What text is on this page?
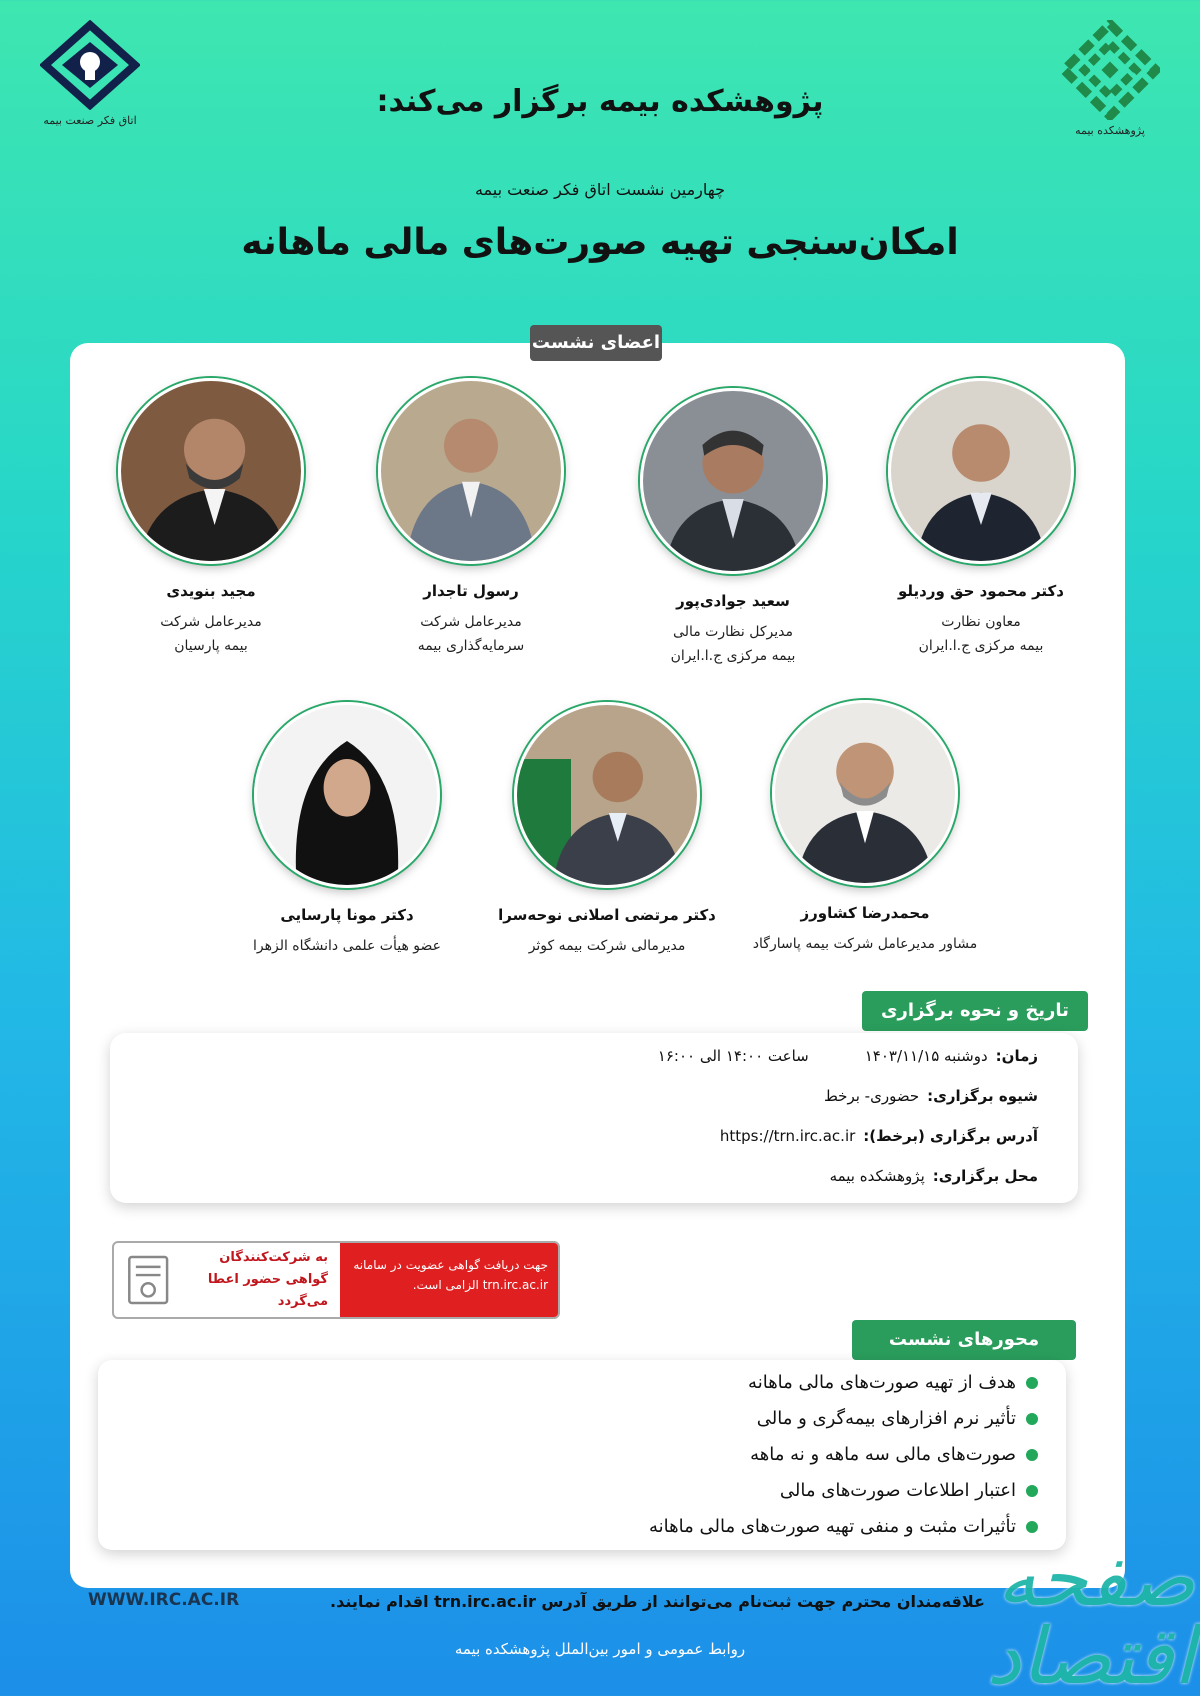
اتاق فکر صنعت بیمه
پژوهشکده بیمه
پژوهشکده بیمه برگزار می‌کند:
چهارمین نشست اتاق فکر صنعت بیمه
امکان‌سنجی تهیه صورت‌های مالی ماهانه
اعضای نشست
دکتر محمود حق وردیلو
معاون نظارت
بیمه مرکزی ج.ا.ایران
سعید جوادی‌پور
مدیرکل نظارت مالی
بیمه مرکزی ج.ا.ایران
رسول تاجدار
مدیرعامل شرکت
سرمایه‌گذاری بیمه
مجید بنویدی
مدیرعامل شرکت
بیمه پارسیان
محمدرضا کشاورز
مشاور مدیرعامل شرکت بیمه پاسارگاد
دکتر مرتضی اصلانی نوحه‌سرا
مدیرمالی شرکت بیمه کوثر
دکتر مونا پارسایی
عضو هیأت علمی دانشگاه الزهرا
تاریخ و نحوه برگزاری
زمان:
دوشنبه ۱۴۰۳/۱۱/۱۵
ساعت ۱۴:۰۰ الی ۱۶:۰۰
شیوه برگزاری:
حضوری- برخط
آدرس برگزاری (برخط):
https://trn.irc.ac.ir
محل برگزاری:
پژوهشکده بیمه
جهت دریافت گواهی عضویت در سامانه
trn.irc.ac.ir الزامی است.
به شرکت‌کنندگان
گواهی حضور اعطا می‌گردد
محورهای نشست
هدف از تهیه صورت‌های مالی ماهانه
تأثیر نرم افزارهای بیمه‌گری و مالی
صورت‌های مالی سه ماهه و نه ماهه
اعتبار اطلاعات صورت‌های مالی
تأثیرات مثبت و منفی تهیه صورت‌های مالی ماهانه
WWW.IRC.AC.IR	علاقه‌مندان محترم جهت ثبت‌نام می‌توانند از طریق آدرس trn.irc.ac.ir اقدام نمایند.
روابط عمومی و امور بین‌الملل پژوهشکده بیمه
صفحه اقتصاد
